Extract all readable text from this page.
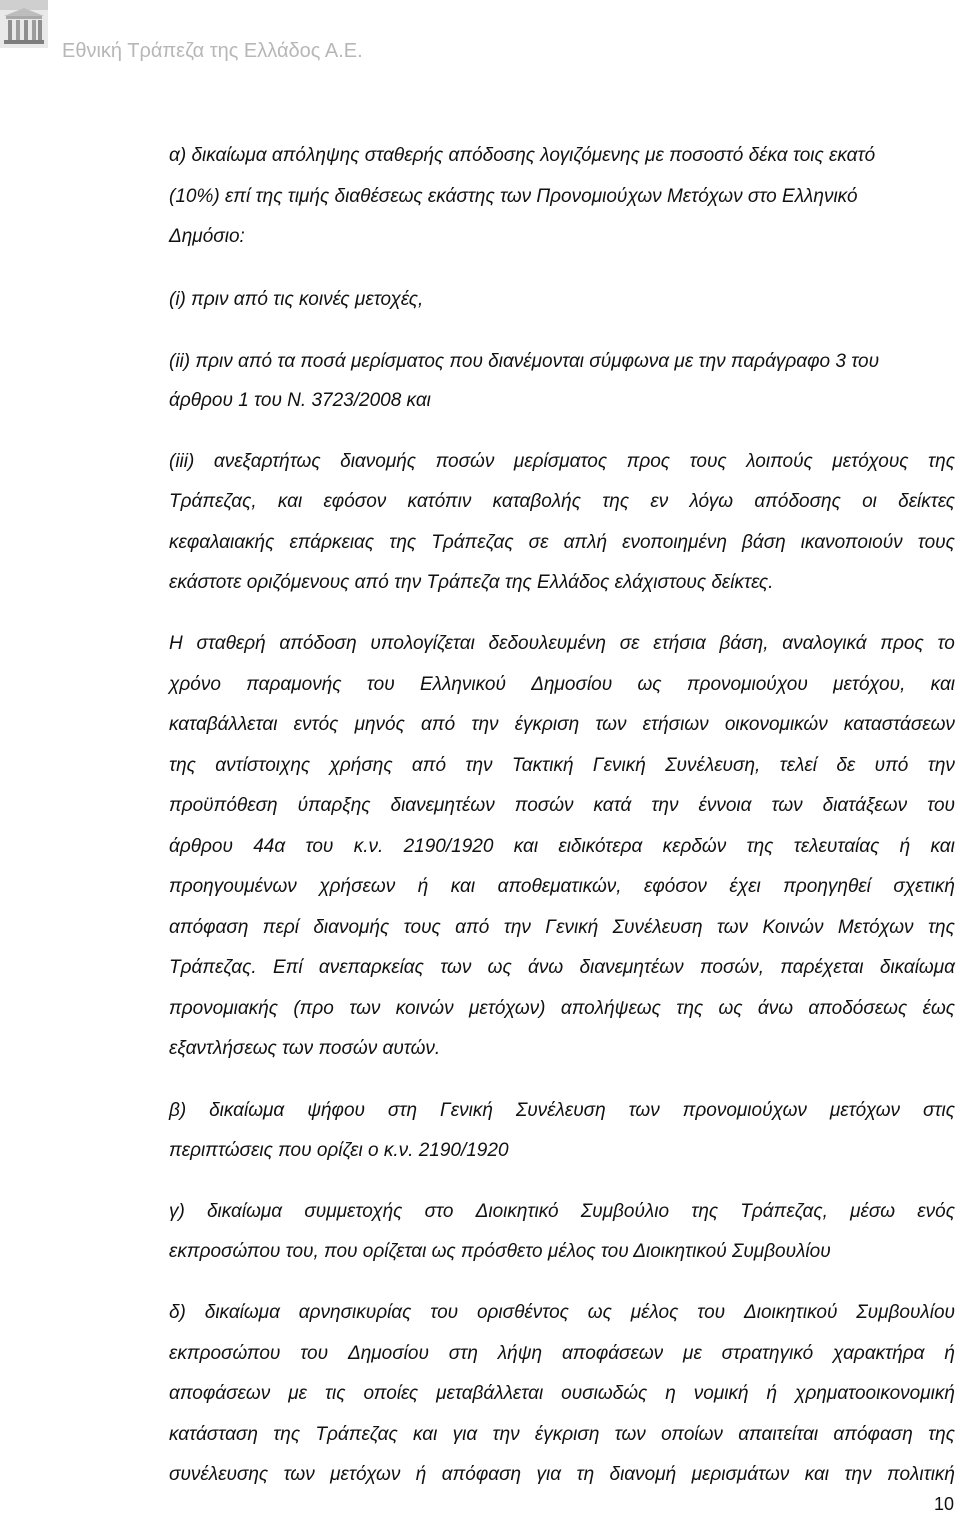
Εθνική Τράπεζα της Ελλάδος Α.Ε.
α) δικαίωμα απόληψης σταθερής απόδοσης λογιζόμενης με ποσοστό δέκα τοις εκατό
(10%) επί της τιμής διαθέσεως εκάστης των Προνομιούχων Μετόχων στο Ελληνικό
Δημόσιο:
(i) πριν από τις κοινές μετοχές,
(ii) πριν από τα ποσά μερίσματος που διανέμονται σύμφωνα με την παράγραφο 3 του
άρθρου 1 του Ν. 3723/2008 και
(iii) ανεξαρτήτως διανομής ποσών μερίσματος προς τους λοιπούς μετόχους της
Τράπεζας, και εφόσον κατόπιν καταβολής της εν λόγω απόδοσης οι δείκτες
κεφαλαιακής επάρκειας της Τράπεζας σε απλή ενοποιημένη βάση ικανοποιούν τους
εκάστοτε οριζόμενους από την Τράπεζα της Ελλάδος ελάχιστους δείκτες.
Η σταθερή απόδοση υπολογίζεται δεδουλευμένη σε ετήσια βάση, αναλογικά προς το
χρόνο παραμονής του Ελληνικού Δημοσίου ως προνομιούχου μετόχου, και
καταβάλλεται εντός μηνός από την έγκριση των ετήσιων οικονομικών καταστάσεων
της αντίστοιχης χρήσης από την Τακτική Γενική Συνέλευση, τελεί δε υπό την
προϋπόθεση ύπαρξης διανεμητέων ποσών κατά την έννοια των διατάξεων του
άρθρου 44α του κ.ν. 2190/1920 και ειδικότερα κερδών της τελευταίας ή και
προηγουμένων χρήσεων ή και αποθεματικών, εφόσον έχει προηγηθεί σχετική
απόφαση περί διανομής τους από την Γενική Συνέλευση των Κοινών Μετόχων της
Τράπεζας. Επί ανεπαρκείας των ως άνω διανεμητέων ποσών, παρέχεται δικαίωμα
προνομιακής (προ των κοινών μετόχων) απολήψεως της ως άνω αποδόσεως έως
εξαντλήσεως των ποσών αυτών.
β) δικαίωμα ψήφου στη Γενική Συνέλευση των προνομιούχων μετόχων στις
περιπτώσεις που ορίζει ο κ.ν. 2190/1920
γ) δικαίωμα συμμετοχής στο Διοικητικό Συμβούλιο της Τράπεζας, μέσω ενός
εκπροσώπου του, που ορίζεται ως πρόσθετο μέλος του Διοικητικού Συμβουλίου
δ) δικαίωμα αρνησικυρίας του ορισθέντος ως μέλος του Διοικητικού Συμβουλίου
εκπροσώπου του Δημοσίου στη λήψη αποφάσεων με στρατηγικό χαρακτήρα ή
αποφάσεων με τις οποίες μεταβάλλεται ουσιωδώς η νομική ή χρηματοοικονομική
κατάσταση της Τράπεζας και για την έγκριση των οποίων απαιτείται απόφαση της
συνέλευσης των μετόχων ή απόφαση για τη διανομή μερισμάτων και την πολιτική
10
